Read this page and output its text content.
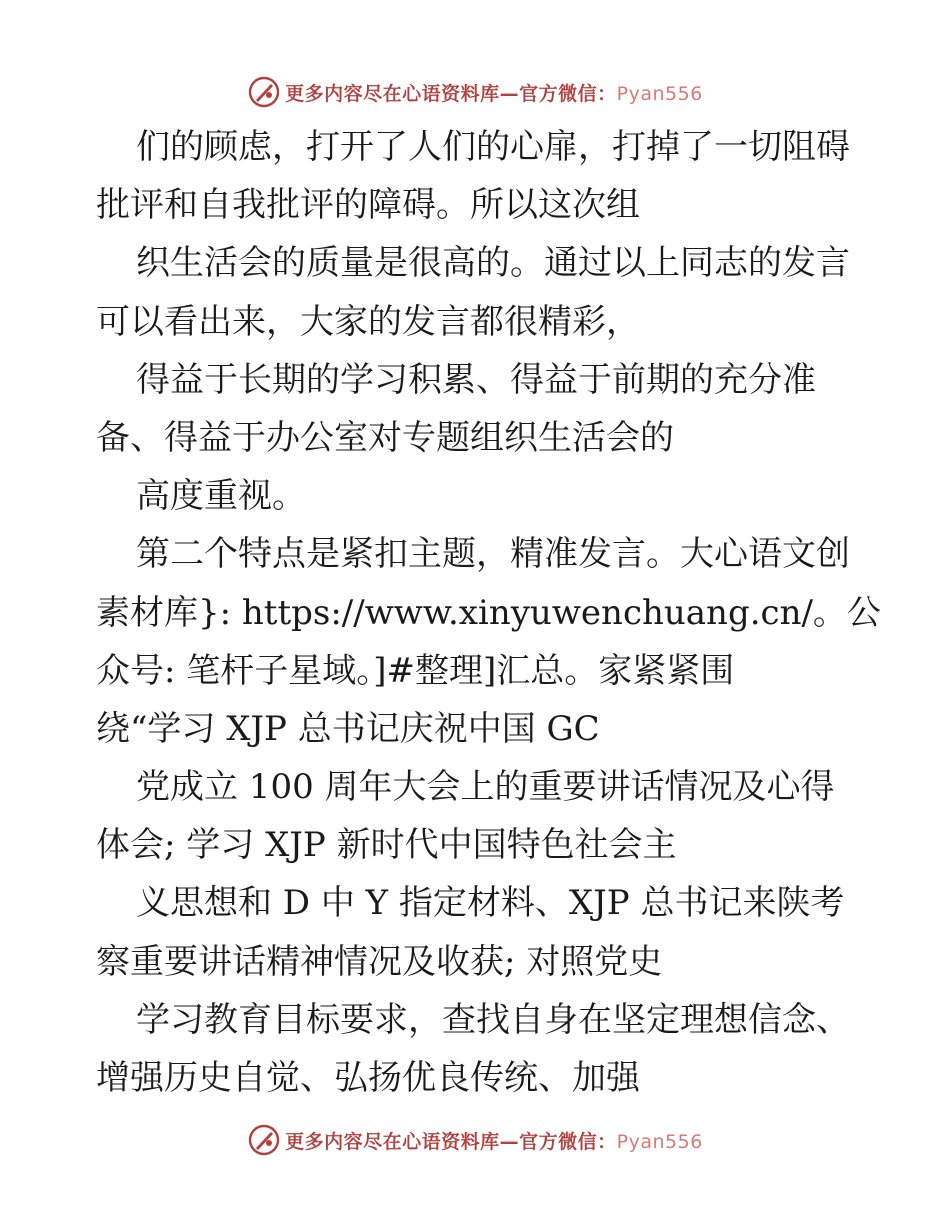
更多内容尽在心语资料库—官方微信：Pyan556
们的顾虑，打开了人们的心扉，打掉了一切阻碍
批评和自我批评的障碍。所以这次组
织生活会的质量是很高的。通过以上同志的发言
可以看出来，大家的发言都很精彩，
得益于长期的学习积累、得益于前期的充分准
备、得益于办公室对专题组织生活会的
高度重视。
第二个特点是紧扣主题，精准发言。大心语文创
素材库}: https://www.xinyuwenchuang.cn/。公
众号: 笔杆子星域。]#整理]汇总。家紧紧围
绕“学习 XJP 总书记庆祝中国 GC
党成立 100 周年大会上的重要讲话情况及心得
体会; 学习 XJP 新时代中国特色社会主
义思想和 D 中 Y 指定材料、XJP 总书记来陕考
察重要讲话精神情况及收获; 对照党史
学习教育目标要求，查找自身在坚定理想信念、
增强历史自觉、弘扬优良传统、加强
更多内容尽在心语资料库—官方微信：Pyan556
